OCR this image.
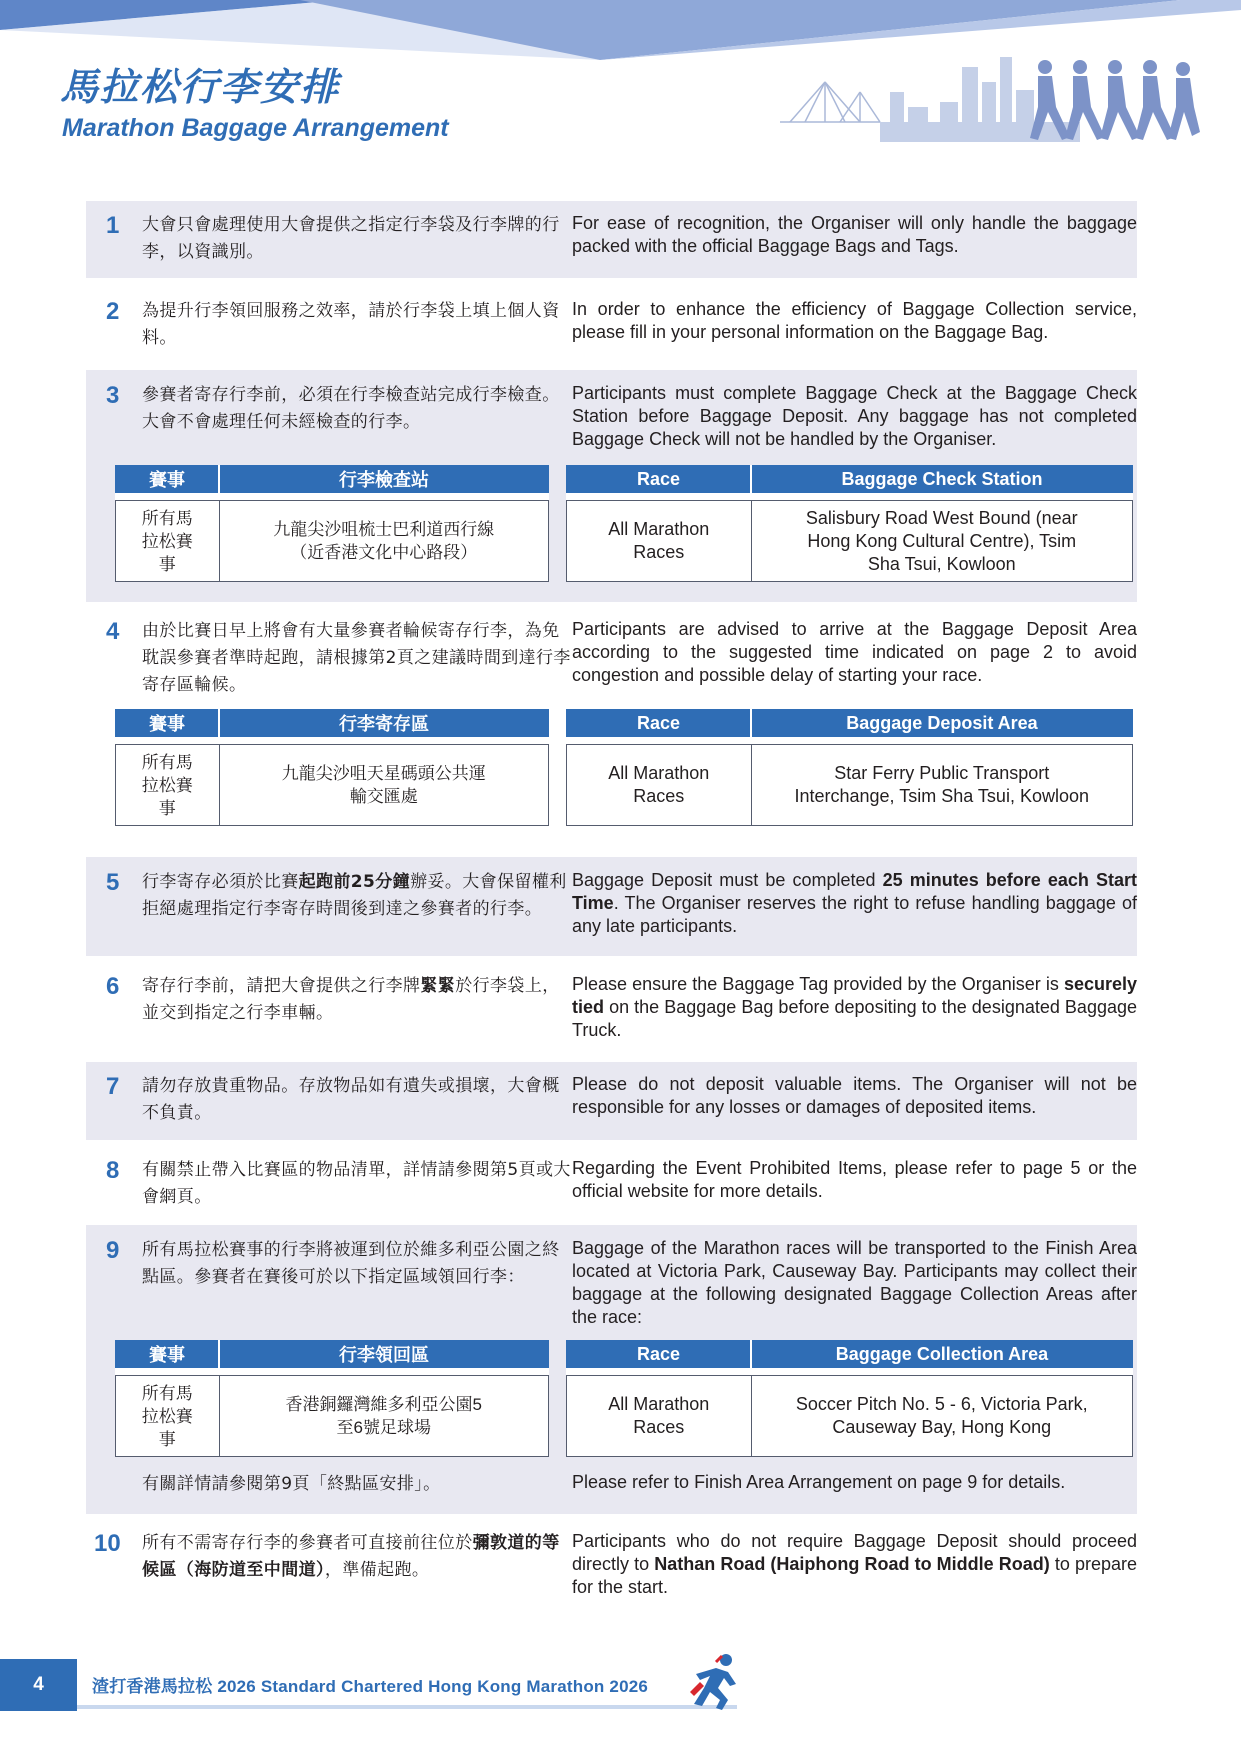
馬拉松行李安排
Marathon Baggage Arrangement
1 大會只會處理使用大會提供之指定行李袋及行李牌的行李，以資識別。
For ease of recognition, the Organiser will only handle the baggage packed with the official Baggage Bags and Tags.
2 為提升行李領回服務之效率，請於行李袋上填上個人資料。
In order to enhance the efficiency of Baggage Collection service, please fill in your personal information on the Baggage Bag.
3 參賽者寄存行李前，必須在行李檢查站完成行李檢查。大會不會處理任何未經檢查的行李。
Participants must complete Baggage Check at the Baggage Check Station before Baggage Deposit. Any baggage has not completed Baggage Check will not be handled by the Organiser.
賽事	行李檢查站

所有馬拉松賽事	九龍尖沙咀梳士巴利道西行線（近香港文化中心路段）
Race	Baggage Check Station

All Marathon Races	Salisbury Road West Bound (near Hong Kong Cultural Centre), Tsim Sha Tsui, Kowloon
4 由於比賽日早上將會有大量參賽者輪候寄存行李，為免耽誤參賽者準時起跑，請根據第2頁之建議時間到達行李寄存區輪候。
Participants are advised to arrive at the Baggage Deposit Area according to the suggested time indicated on page 2 to avoid congestion and possible delay of starting your race.
賽事	行李寄存區

所有馬拉松賽事	九龍尖沙咀天星碼頭公共運輸交匯處
Race	Baggage Deposit Area

All Marathon Races	Star Ferry Public Transport Interchange, Tsim Sha Tsui, Kowloon
5 行李寄存必須於比賽起跑前25分鐘辦妥。大會保留權利拒絕處理指定行李寄存時間後到達之參賽者的行李。
Baggage Deposit must be completed 25 minutes before each Start Time. The Organiser reserves the right to refuse handling baggage of any late participants.
6 寄存行李前，請把大會提供之行李牌緊緊於行李袋上，並交到指定之行李車輛。
Please ensure the Baggage Tag provided by the Organiser is securely tied on the Baggage Bag before depositing to the designated Baggage Truck.
7 請勿存放貴重物品。存放物品如有遺失或損壞，大會概不負責。
Please do not deposit valuable items. The Organiser will not be responsible for any losses or damages of deposited items.
8 有關禁止帶入比賽區的物品清單，詳情請參閱第5頁或大會網頁。
Regarding the Event Prohibited Items, please refer to page 5 or the official website for more details.
9 所有馬拉松賽事的行李將被運到位於維多利亞公園之終點區。參賽者在賽後可於以下指定區域領回行李：
Baggage of the Marathon races will be transported to the Finish Area located at Victoria Park, Causeway Bay. Participants may collect their baggage at the following designated Baggage Collection Areas after the race:
賽事	行李領回區

所有馬拉松賽事	香港銅鑼灣維多利亞公園5至6號足球場
Race	Baggage Collection Area

All Marathon Races	Soccer Pitch No. 5 - 6, Victoria Park, Causeway Bay, Hong Kong
有關詳情請參閱第9頁「終點區安排」。	Please refer to Finish Area Arrangement on page 9 for details.
10 所有不需寄存行李的參賽者可直接前往位於彌敦道的等候區（海防道至中間道），準備起跑。
Participants who do not require Baggage Deposit should proceed directly to Nathan Road (Haiphong Road to Middle Road) to prepare for the start.
4	渣打香港馬拉松 2026 Standard Chartered Hong Kong Marathon 2026
